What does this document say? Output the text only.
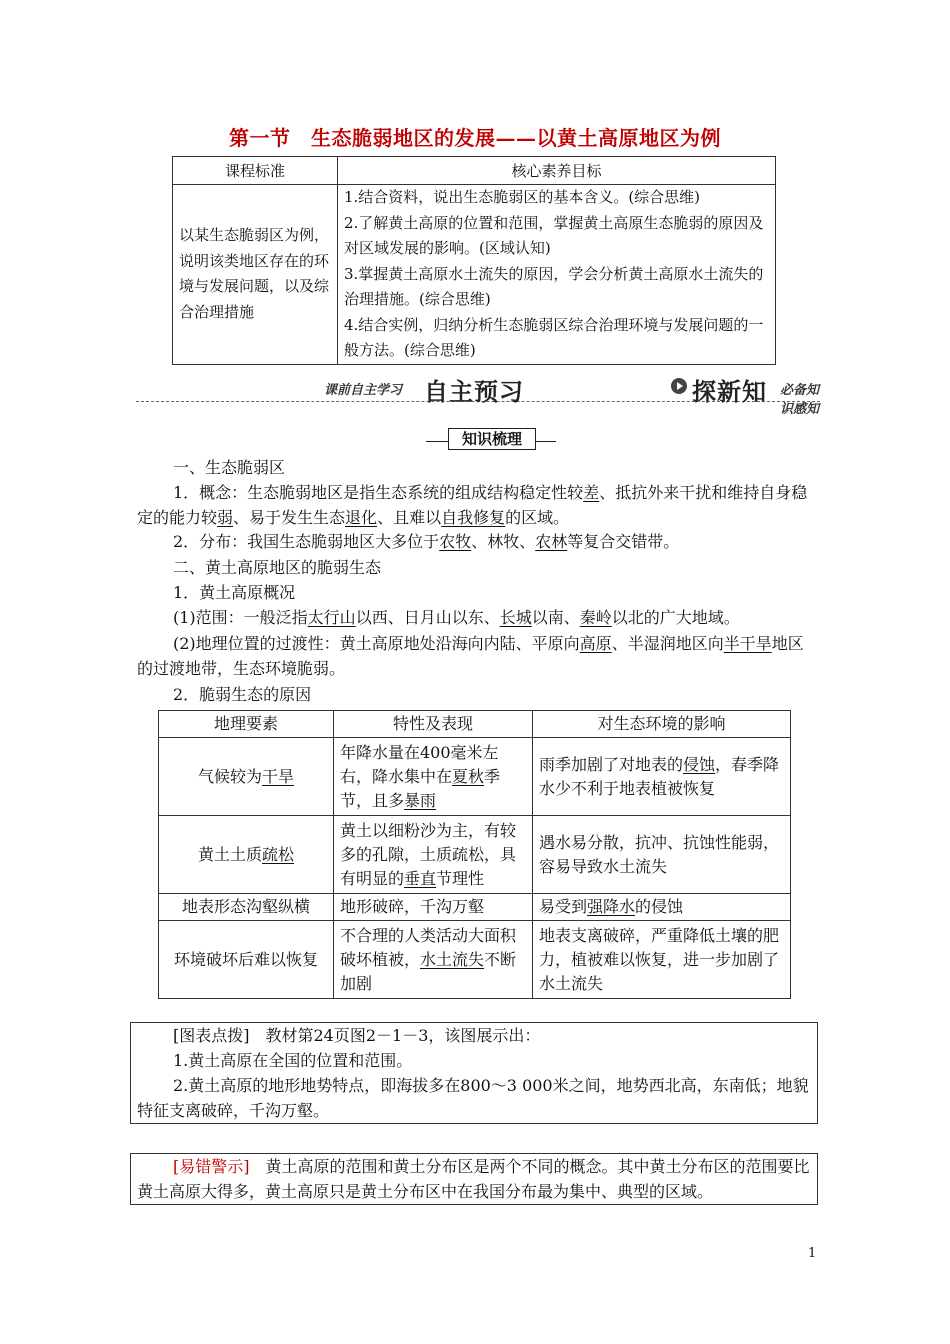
第一节　生态脆弱地区的发展——以黄土高原地区为例
课程标准	核心素养目标
以某生态脆弱区为例，说明该类地区存在的环境与发展问题，以及综合治理措施	1.结合资料，说出生态脆弱区的基本含义。(综合思维)
2.了解黄土高原的位置和范围，掌握黄土高原生态脆弱的原因及对区域发展的影响。(区域认知)
3.掌握黄土高原水土流失的原因，学会分析黄土高原水土流失的治理措施。(综合思维)
4.结合实例，归纳分析生态脆弱区综合治理环境与发展问题的一般方法。(综合思维)
课前自主学习 自主预习	探新知 必备知识感知
知识梳理
一、生态脆弱区
1．概念：生态脆弱地区是指生态系统的组成结构稳定性较差、抵抗外来干扰和维持自身稳定的能力较弱、易于发生生态退化、且难以自我修复的区域。
2．分布：我国生态脆弱地区大多位于农牧、林牧、农林等复合交错带。
二、黄土高原地区的脆弱生态
1．黄土高原概况
(1)范围：一般泛指太行山以西、日月山以东、长城以南、秦岭以北的广大地域。
(2)地理位置的过渡性：黄土高原地处沿海向内陆、平原向高原、半湿润地区向半干旱地区的过渡地带，生态环境脆弱。
2．脆弱生态的原因
地理要素	特性及表现	对生态环境的影响
气候较为干旱	年降水量在400毫米左右，降水集中在夏秋季节，且多暴雨	雨季加剧了对地表的侵蚀，春季降水少不利于地表植被恢复
黄土土质疏松	黄土以细粉沙为主，有较多的孔隙，土质疏松，具有明显的垂直节理性	遇水易分散，抗冲、抗蚀性能弱，容易导致水土流失
地表形态沟壑纵横	地形破碎，千沟万壑	易受到强降水的侵蚀
环境破坏后难以恢复	不合理的人类活动大面积破坏植被，水土流失不断加剧	地表支离破碎，严重降低土壤的肥力，植被难以恢复，进一步加剧了水土流失
[图表点拨]　教材第24页图2－1－3，该图展示出：
1.黄土高原在全国的位置和范围。
2.黄土高原的地形地势特点，即海拔多在800～3 000米之间，地势西北高，东南低；地貌特征支离破碎，千沟万壑。
[易错警示]　黄土高原的范围和黄土分布区是两个不同的概念。其中黄土分布区的范围要比黄土高原大得多，黄土高原只是黄土分布区中在我国分布最为集中、典型的区域。
1
